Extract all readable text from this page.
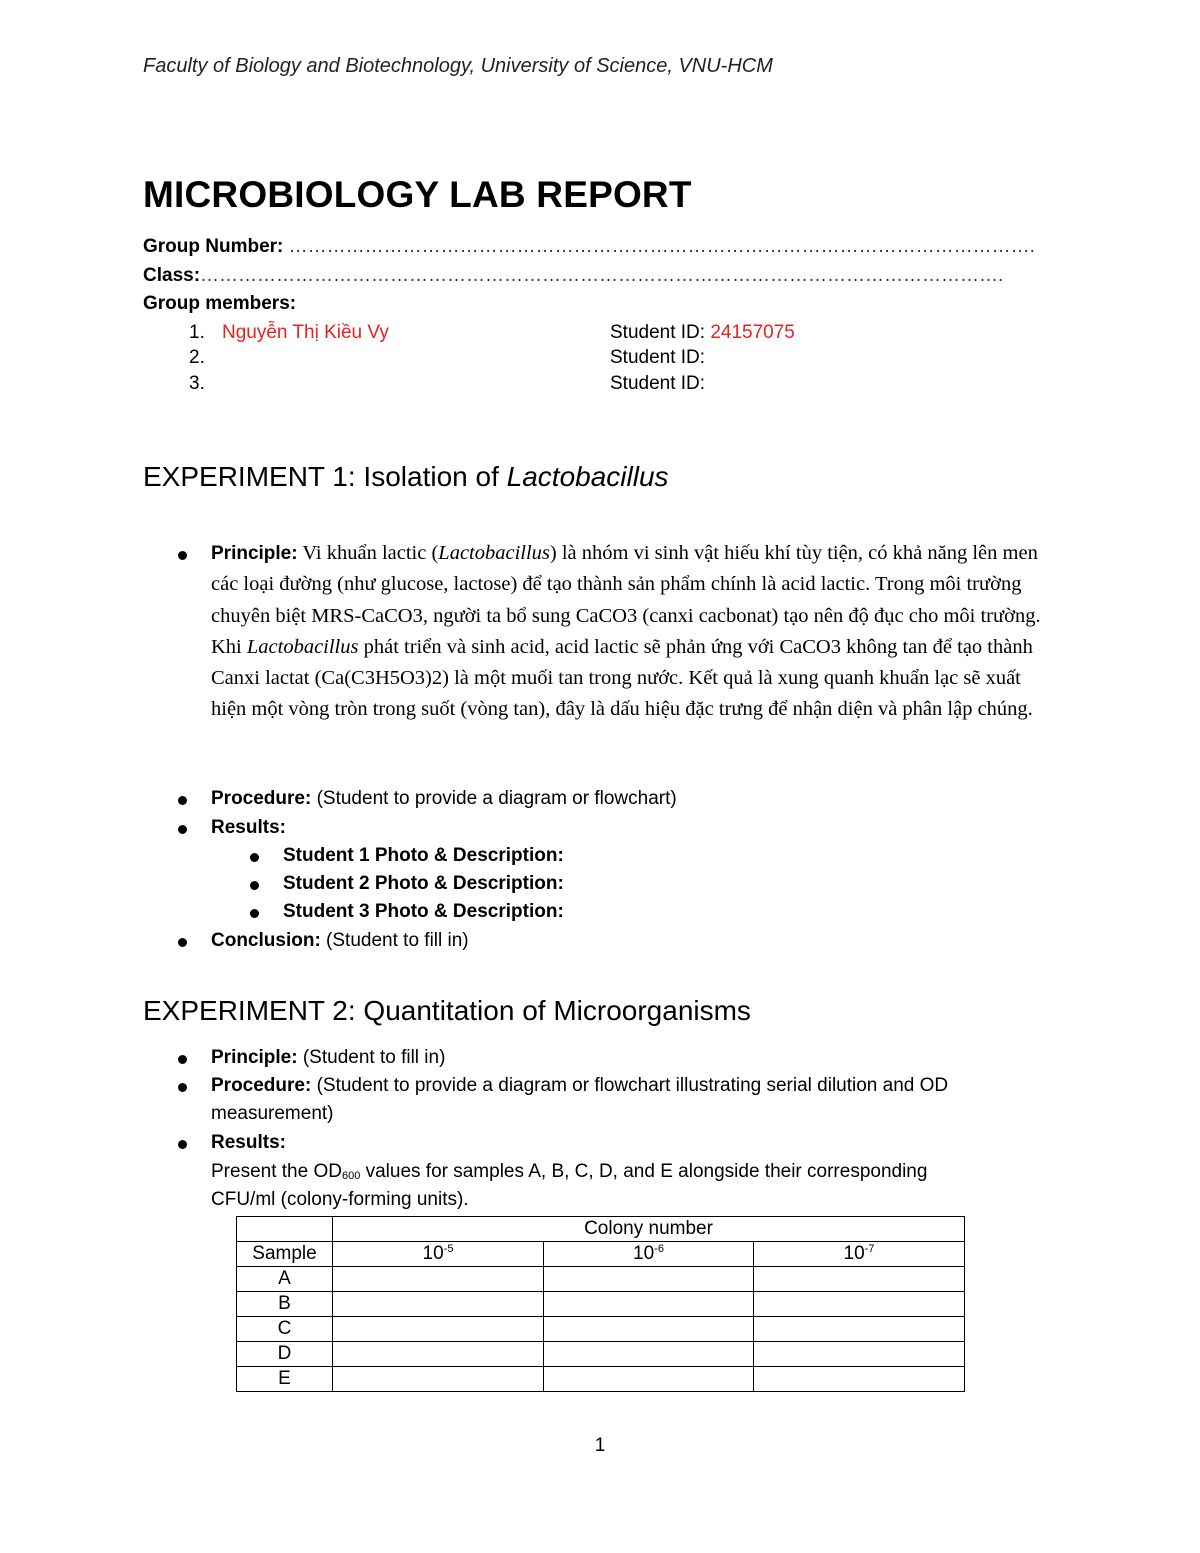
Faculty of Biology and Biotechnology, University of Science, VNU-HCM
MICROBIOLOGY LAB REPORT
Group Number: ……………………………………………………………………………………………………….
Class:……………………………………………………………………………………………………………….
Group members:
1. Nguyễn Thị Kiều Vy	Student ID: 24157075
2.	Student ID:
3.	Student ID:
EXPERIMENT 1: Isolation of Lactobacillus
Principle: Vi khuẩn lactic (Lactobacillus) là nhóm vi sinh vật hiếu khí tùy tiện, có khả năng lên men các loại đường (như glucose, lactose) để tạo thành sản phẩm chính là acid lactic. Trong môi trường chuyên biệt MRS-CaCO3, người ta bổ sung CaCO3 (canxi cacbonat) tạo nên độ đục cho môi trường. Khi Lactobacillus phát triển và sinh acid, acid lactic sẽ phản ứng với CaCO3 không tan để tạo thành Canxi lactat (Ca(C3H5O3)2) là một muối tan trong nước. Kết quả là xung quanh khuẩn lạc sẽ xuất hiện một vòng tròn trong suốt (vòng tan), đây là dấu hiệu đặc trưng để nhận diện và phân lập chúng.
Procedure: (Student to provide a diagram or flowchart)
Results:
Student 1 Photo & Description:
Student 2 Photo & Description:
Student 3 Photo & Description:
Conclusion: (Student to fill in)
EXPERIMENT 2: Quantitation of Microorganisms
Principle: (Student to fill in)
Procedure: (Student to provide a diagram or flowchart illustrating serial dilution and OD
measurement)
Results:
Present the $OD_{600}$ values for samples A, B, C, D, and E alongside their corresponding
CFU/ml (colony-forming units).
	Colony number		
Sample	$10^{-5}$	$10^{-6}$	$10^{-7}$
A			
B			
C			
D			
E			
1
